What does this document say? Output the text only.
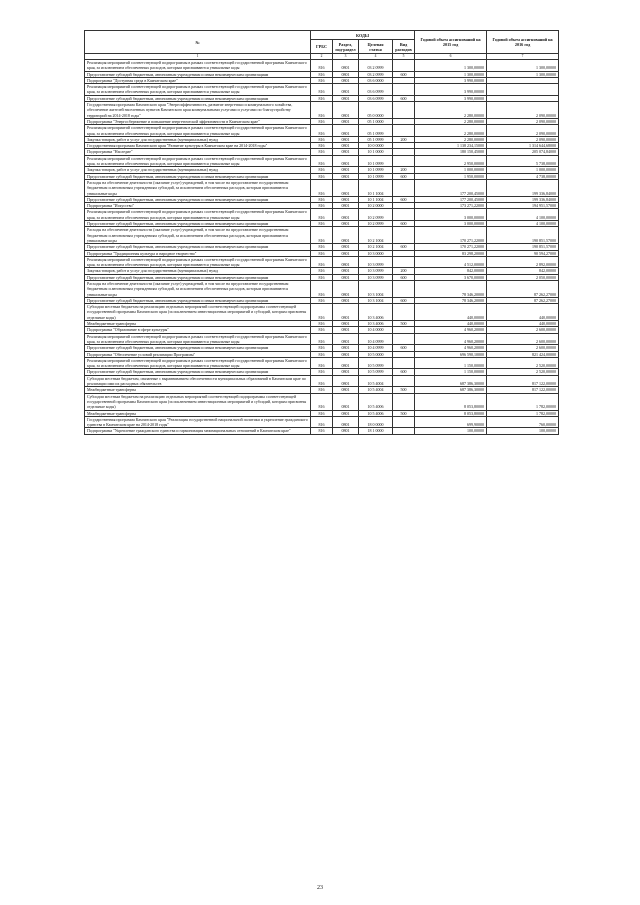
№	КОДЫ				Годовой объем ассигнований на 2015 год	Годовой объем ассигнований на 2016 год	
	ГРБС	Раздел, под-раздел	Целевая статья	Вид расходов			
1	2	3	4	5	6	7	
Реализация мероприятий соответствующей подпрограммы в рамках соответствующей государственной программы Камчатского края, за исключением обеспеченных расходов, которым присваиваются уникальные коды	816	0801	03 2 0999		1 300,00000	1 300,00000	
Предоставление субсидий бюджетным, автономным учреждениям и иным некоммерческим организациям	816	0801	03 2 0999	600	1 300,00000	1 300,00000	
Подпрограмма "Доступная среда в Камчатском крае"	816	0801	03 6 0000		3 990,00000		
Реализация мероприятий соответствующей подпрограммы в рамках соответствующей государственной программы Камчатского края, за исключением обеспеченных расходов, которым присваиваются уникальные коды	816	0801	03 6 0999		3 990,00000		
Предоставление субсидий бюджетным, автономным учреждениям и иным некоммерческим организациям	816	0801	03 6 0999	600	3 990,00000		
Государственная программа Камчатского края "Энергоэффективность, развитие энергетики и коммунального хозяйства, обеспечение жителей населенных пунктов Камчатского края коммунальными услугами и услугами по благоустройству территорий на 2014-2018 годы"	816	0801	05 0 0000		2 280,00000	2 090,00000	
Подпрограмма "Энергосбережение и повышение энергетической эффективности в Камчатском крае"	816	0801	05 1 0000		2 280,00000	2 090,00000	
Реализация мероприятий соответствующей подпрограммы в рамках соответствующей государственной программы Камчатского края, за исключением обеспеченных расходов, которым присваиваются уникальные коды	816	0801	05 1 0999		2 280,00000	2 090,00000	
Закупка товаров, работ и услуг для государственных (муниципальных) нужд	816	0801	05 1 0999	200	2 280,00000	2 090,00000	
Государственная программа Камчатского края "Развитие культуры в Камчатском крае на 2014-2018 годы"	816	0801	10 0 0000		1 138 234,15000	1 314 644,68000	
Подпрограмма "Наследие"	816	0801	10 1 0000		180 150,45000	205 074,84000	
Реализация мероприятий соответствующей подпрограммы в рамках соответствующей государственной программы Камчатского края, за исключением обеспеченных расходов, которым присваиваются уникальные коды	816	0801	10 1 0999		2 950,00000	5 738,00000	
Закупка товаров, работ и услуг для государственных (муниципальных) нужд	816	0801	10 1 0999	200	1 000,00000	1 000,00000	
Предоставление субсидий бюджетным, автономным учреждениям и иным некоммерческим организациям	816	0801	10 1 0999	600	1 950,00000	4 738,00000	
Расходы на обеспечение деятельности (оказание услуг) учреждений, в том числе на предоставление государственным бюджетным и автономным учреждениям субсидий, за исключением обеспеченных расходов, которым присваиваются уникальные коды	816	0801	10 1 1004		177 200,45000	199 336,84000	
Предоставление субсидий бюджетным, автономным учреждениям и иным некоммерческим организациям	816	0801	10 1 1004	600	177 200,45000	199 336,84000	
Подпрограмма "Искусство"	816	0801	10 2 0000		173 271,22000	194 951,57000	
Реализация мероприятий соответствующей подпрограммы в рамках соответствующей государственной программы Камчатского края, за исключением обеспеченных расходов, которым присваиваются уникальные коды	816	0801	10 2 0999		3 000,00000	4 100,00000	
Предоставление субсидий бюджетным, автономным учреждениям и иным некоммерческим организациям	816	0801	10 2 0999	600	3 000,00000	4 100,00000	
Расходы на обеспечение деятельности (оказание услуг) учреждений, в том числе на предоставление государственным бюджетным и автономным учреждениям субсидий, за исключением обеспеченных расходов, которым присваиваются уникальные коды	816	0801	10 2 1004		170 271,22000	190 851,57000	
Предоставление субсидий бюджетным, автономным учреждениям и иным некоммерческим организациям	816	0801	10 2 1004	600	170 271,22000	190 851,57000	
Подпрограмма "Традиционная культура и народное творчество"	816	0801	10 3 0000		83 298,20000	90 594,27000	
Реализация мероприятий соответствующей подпрограммы в рамках соответствующей государственной программы Камчатского края, за исключением обеспеченных расходов, которым присваиваются уникальные коды	816	0801	10 3 0999		4 512,00000	2 892,00000	
Закупка товаров, работ и услуг для государственных (муниципальных) нужд	816	0801	10 3 0999	200	842,00000	842,00000	
Предоставление субсидий бюджетным, автономным учреждениям и иным некоммерческим организациям	816	0801	10 3 0999	600	3 670,00000	2 050,00000	
Расходы на обеспечение деятельности (оказание услуг) учреждений, в том числе на предоставление государственным бюджетным и автономным учреждениям субсидий, за исключением обеспеченных расходов, которым присваиваются уникальные коды	816	0801	10 3 1004		78 346,20000	87 262,27000	
Предоставление субсидий бюджетным, автономным учреждениям и иным некоммерческим организациям	816	0801	10 3 1004	600	78 346,20000	87 262,27000	
Субсидии местным бюджетам на реализацию отдельных мероприятий соответствующей подпрограммы соответствующей государственной программы Камчатского края (за исключением инвестиционных мероприятий и субсидий, которым присвоены отдельные коды)	816	0801	10 3 4006		440,00000	440,00000	
Межбюджетные трансферты	816	0801	10 3 4006	500	440,00000	440,00000	
Подпрограмма "Образование в сфере культуры"	816	0801	10 4 0000		4 960,20000	2 600,00000	
Реализация мероприятий соответствующей подпрограммы в рамках соответствующей государственной программы Камчатского края, за исключением обеспеченных расходов, которым присваиваются уникальные коды	816	0801	10 4 0999		4 960,20000	2 600,00000	
Предоставление субсидий бюджетным, автономным учреждениям и иным некоммерческим организациям	816	0801	10 4 0999	600	4 960,20000	2 600,00000	
Подпрограмма "Обеспечение условий реализации Программы"	816	0801	10 5 0000		696 590,10000	821 424,00000	
Реализация мероприятий соответствующей подпрограммы в рамках соответствующей государственной программы Камчатского края, за исключением обеспеченных расходов, которым присваиваются уникальные коды	816	0801	10 5 0999		1 150,00000	2 520,00000	
Предоставление субсидий бюджетным, автономным учреждениям и иным некоммерческим организациям	816	0801	10 5 0999	600	1 150,00000	2 520,00000	
Субсидии местным бюджетам, связанные с выравниванием обеспеченности муниципальных образований в Камчатском крае по реализации ими их расходных обязательств	816	0801	10 5 4004		687 386,30000	817 122,00000	
Межбюджетные трансферты	816	0801	10 5 4004	500	687 386,30000	817 122,00000	
Субсидии местным бюджетам на реализацию отдельных мероприятий соответствующей подпрограммы соответствующей государственной программы Камчатского края (за исключением инвестиционных мероприятий и субсидий, которым присвоены отдельные коды)	816	0801	10 5 4006		8 053,80000	1 782,00000	
Межбюджетные трансферты	816	0801	10 5 4006	500	8 053,80000	1 782,00000	
Государственная программа Камчатского края "Реализация государственной национальной политики и укрепление гражданского единства в Камчатском крае на 2014-2018 годы"	816	0801	18 0 0000		699,90000	760,00000	
Подпрограмма "Укрепление гражданского единства и гармонизация межнациональных отношений в Камчатском крае"	816	0801	18 1 0000		100,00000	100,00000	
23
